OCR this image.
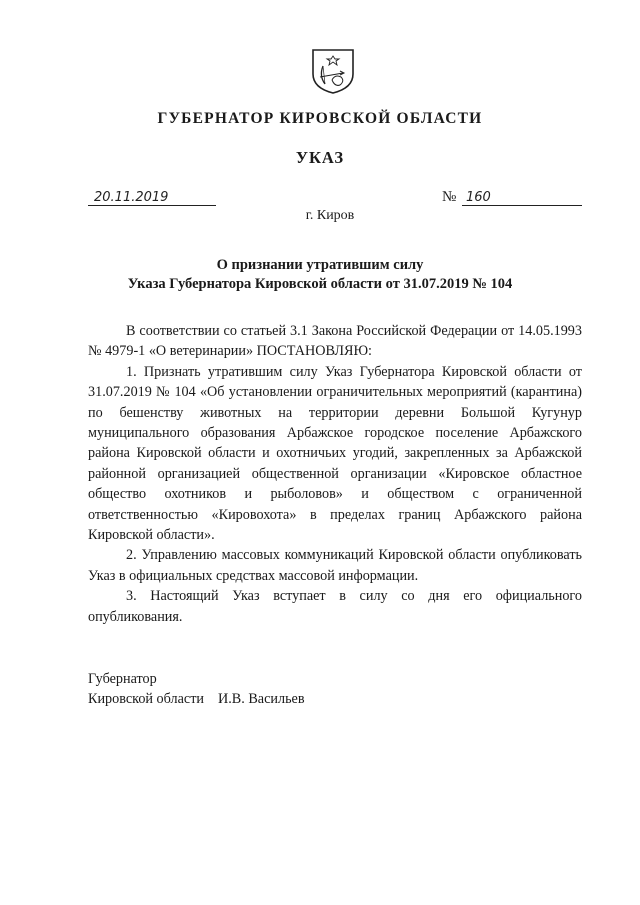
ГУБЕРНАТОР КИРОВСКОЙ ОБЛАСТИ
УКАЗ
20.11.2019	№ 160
г. Киров
О признании утратившим силу
Указа Губернатора Кировской области от 31.07.2019 № 104

В соответствии со статьей 3.1 Закона Российской Федерации от 14.05.1993 № 4979-1 «О ветеринарии» ПОСТАНОВЛЯЮ:

1. Признать утратившим силу Указ Губернатора Кировской области от 31.07.2019 № 104 «Об установлении ограничительных мероприятий (карантина) по бешенству животных на территории деревни Большой Кугунур муниципального образования Арбажское городское поселение Арбажского района Кировской области и охотничьих угодий, закрепленных за Арбажской районной организацией общественной организации «Кировское областное общество охотников и рыболовов» и обществом с ограниченной ответственностью «Кировохота» в пределах границ Арбажского района Кировской области».

2. Управлению массовых коммуникаций Кировской области опубликовать Указ в официальных средствах массовой информации.

3. Настоящий Указ вступает в силу со дня его официального опубликования.

Губернатор
Кировской области И.В. Васильев
